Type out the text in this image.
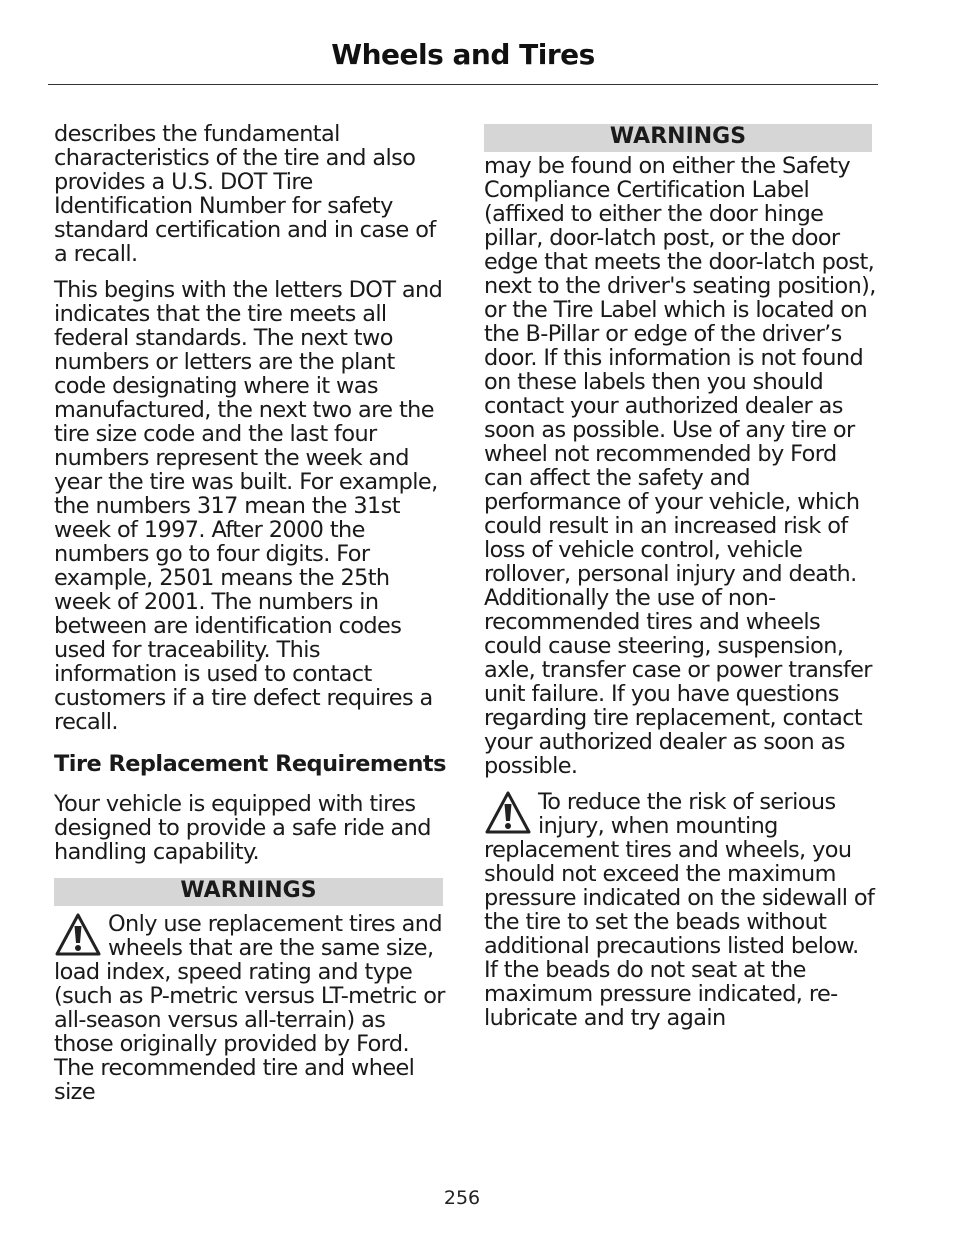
Wheels and Tires

describes the fundamental characteristics of the tire and also provides a U.S. DOT Tire Identification Number for safety standard certification and in case of a recall.

This begins with the letters DOT and indicates that the tire meets all federal standards. The next two numbers or letters are the plant code designating where it was manufactured, the next two are the tire size code and the last four numbers represent the week and year the tire was built. For example, the numbers 317 mean the 31st week of 1997. After 2000 the numbers go to four digits. For example, 2501 means the 25th week of 2001. The numbers in between are identification codes used for traceability. This information is used to contact customers if a tire defect requires a recall.

Tire Replacement Requirements

Your vehicle is equipped with tires designed to provide a safe ride and handling capability.

WARNINGS

Only use replacement tires and wheels that are the same size, load index, speed rating and type (such as P-metric versus LT-metric or all-season versus all-terrain) as those originally provided by Ford. The recommended tire and wheel size

WARNINGS

may be found on either the Safety Compliance Certification Label (affixed to either the door hinge pillar, door-latch post, or the door edge that meets the door-latch post, next to the driver's seating position), or the Tire Label which is located on the B-Pillar or edge of the driver’s door. If this information is not found on these labels then you should contact your authorized dealer as soon as possible. Use of any tire or wheel not recommended by Ford can affect the safety and performance of your vehicle, which could result in an increased risk of loss of vehicle control, vehicle rollover, personal injury and death. Additionally the use of non-recommended tires and wheels could cause steering, suspension, axle, transfer case or power transfer unit failure. If you have questions regarding tire replacement, contact your authorized dealer as soon as possible.

To reduce the risk of serious injury, when mounting replacement tires and wheels, you should not exceed the maximum pressure indicated on the sidewall of the tire to set the beads without additional precautions listed below. If the beads do not seat at the maximum pressure indicated, re-lubricate and try again

256
